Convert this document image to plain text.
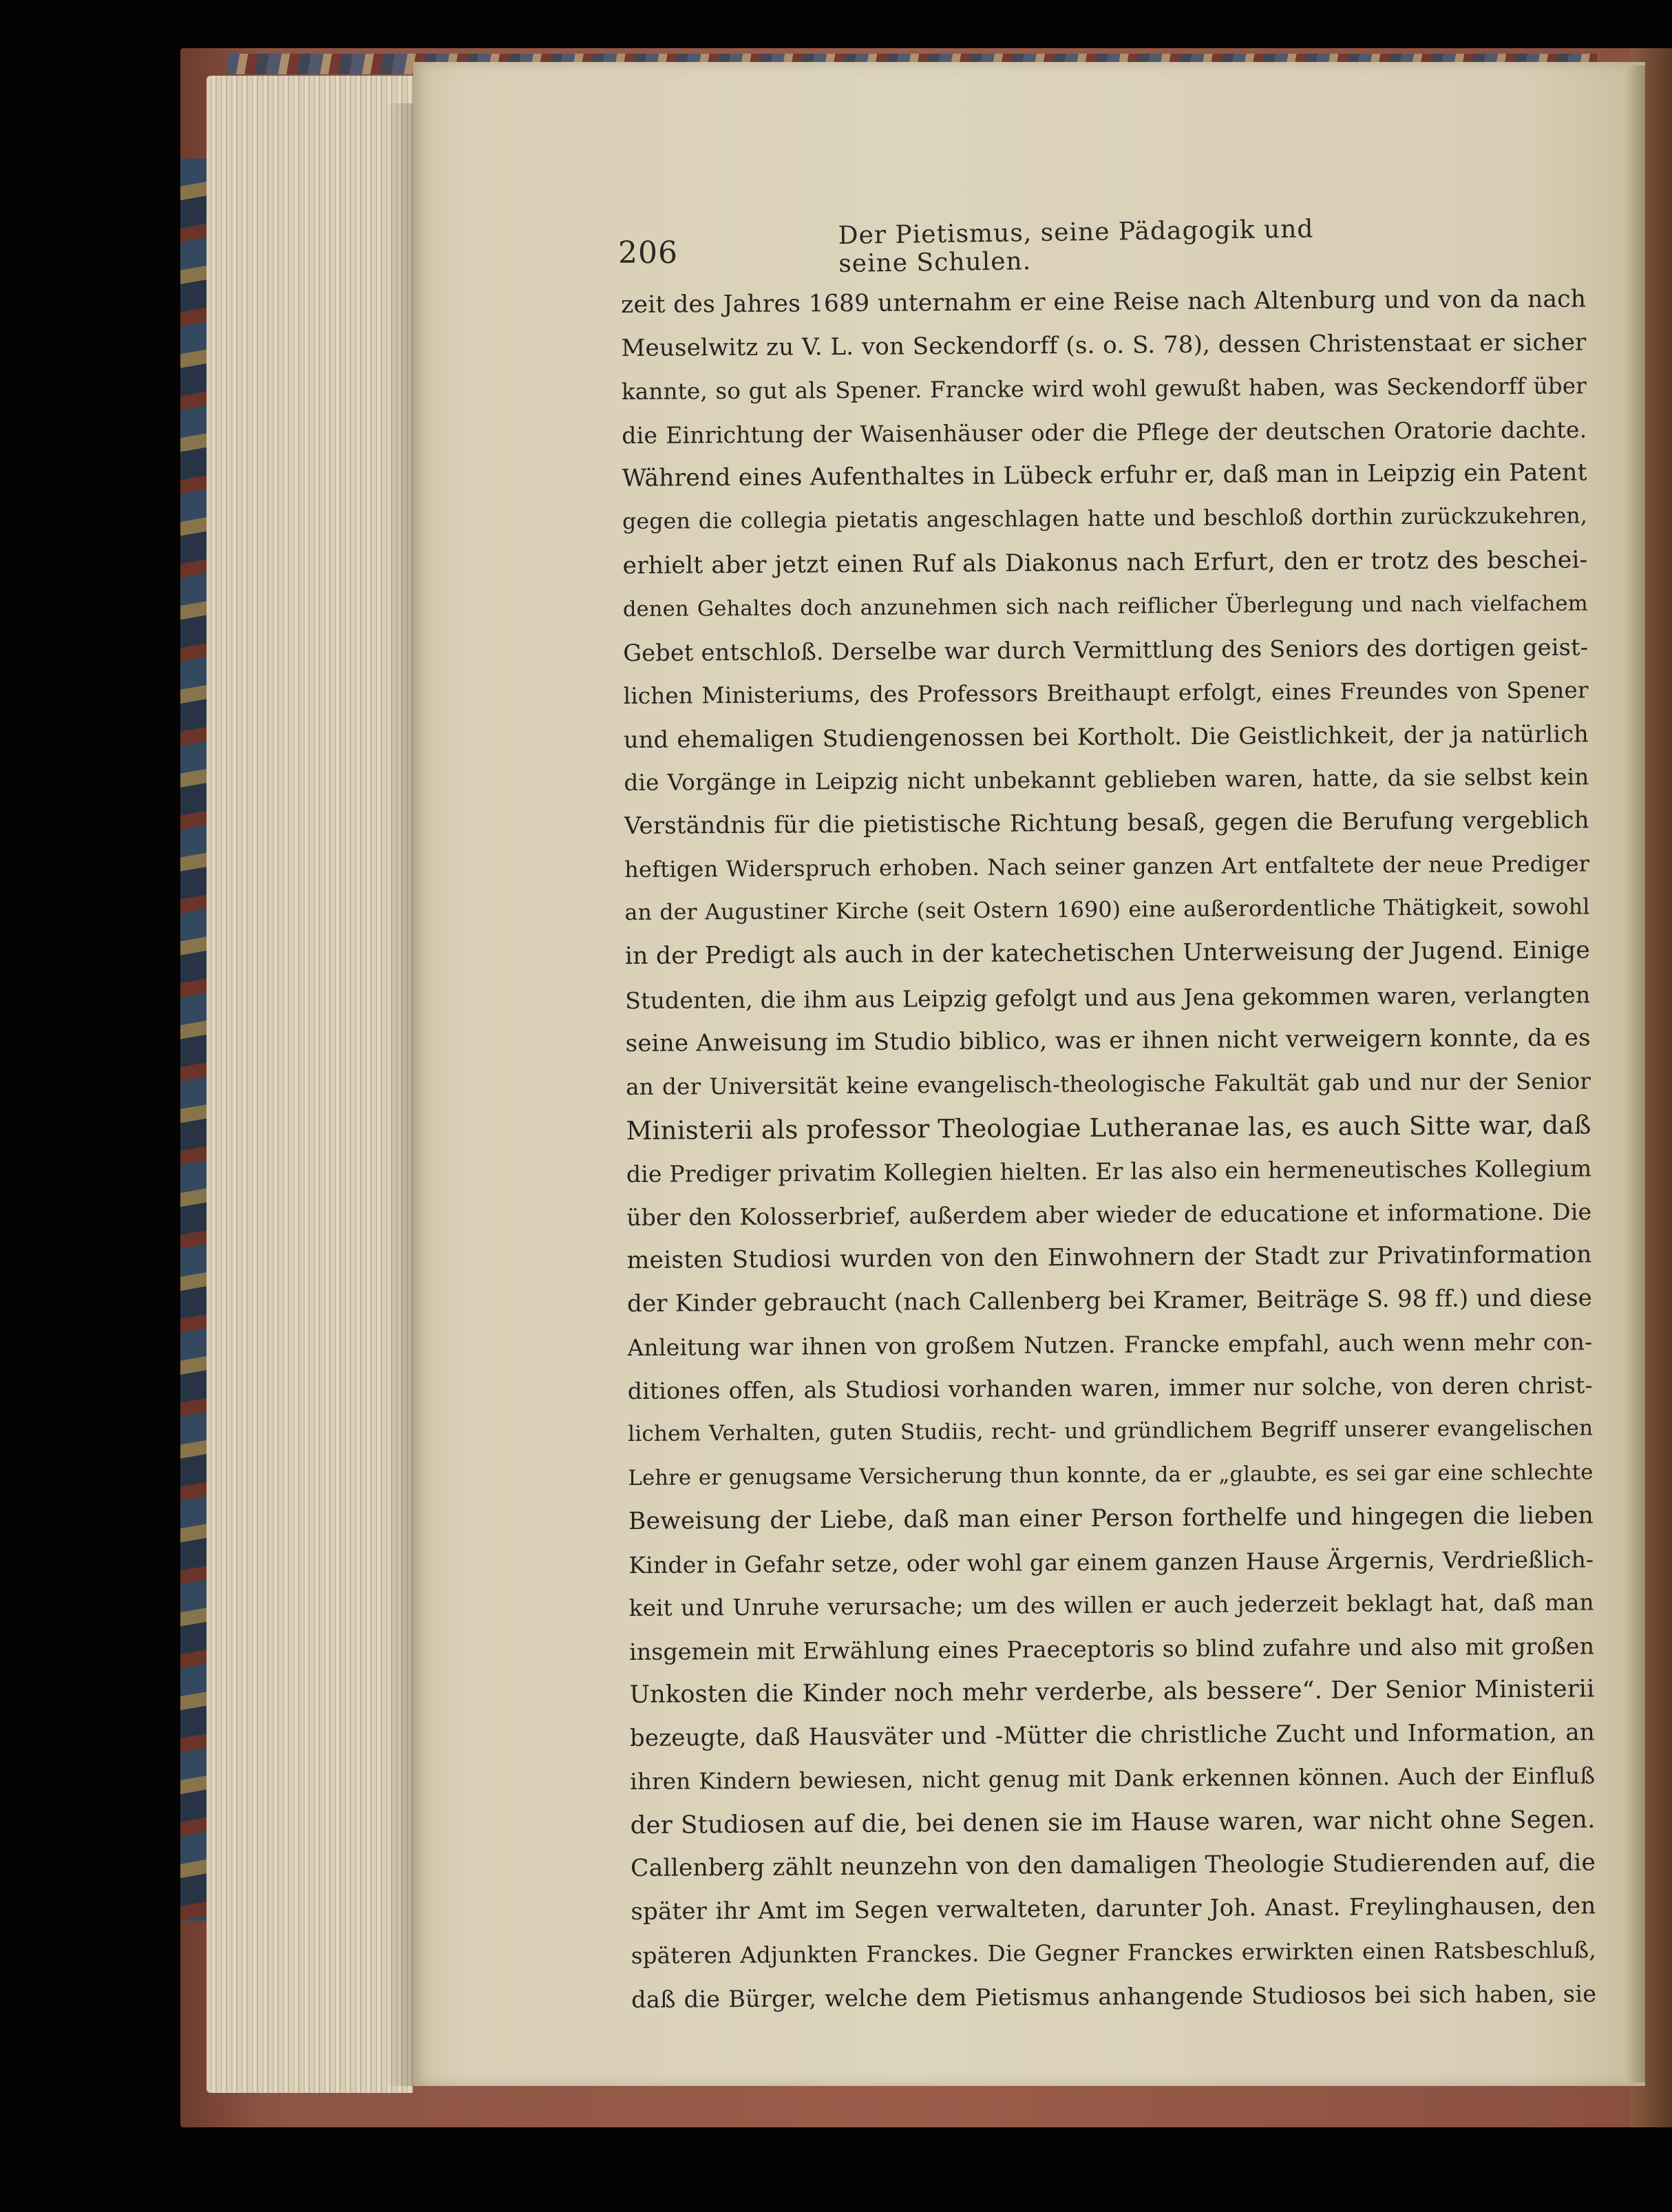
206
Der Pietismus, seine Pädagogik und seine Schulen.
zeit des Jahres 1689 unternahm er eine Reise nach Altenburg und von da nach
Meuselwitz zu V. L. von Seckendorff (s. o. S. 78), dessen Christenstaat er sicher
kannte, so gut als Spener. Francke wird wohl gewußt haben, was Seckendorff über
die Einrichtung der Waisenhäuser oder die Pflege der deutschen Oratorie dachte.
Während eines Aufenthaltes in Lübeck erfuhr er, daß man in Leipzig ein Patent
gegen die collegia pietatis angeschlagen hatte und beschloß dorthin zurückzukehren,
erhielt aber jetzt einen Ruf als Diakonus nach Erfurt, den er trotz des beschei-
denen Gehaltes doch anzunehmen sich nach reiflicher Überlegung und nach vielfachem
Gebet entschloß. Derselbe war durch Vermittlung des Seniors des dortigen geist-
lichen Ministeriums, des Professors Breithaupt erfolgt, eines Freundes von Spener
und ehemaligen Studiengenossen bei Kortholt. Die Geistlichkeit, der ja natürlich
die Vorgänge in Leipzig nicht unbekannt geblieben waren, hatte, da sie selbst kein
Verständnis für die pietistische Richtung besaß, gegen die Berufung vergeblich
heftigen Widerspruch erhoben. Nach seiner ganzen Art entfaltete der neue Prediger
an der Augustiner Kirche (seit Ostern 1690) eine außerordentliche Thätigkeit, sowohl
in der Predigt als auch in der katechetischen Unterweisung der Jugend. Einige
Studenten, die ihm aus Leipzig gefolgt und aus Jena gekommen waren, verlangten
seine Anweisung im Studio biblico, was er ihnen nicht verweigern konnte, da es
an der Universität keine evangelisch-theologische Fakultät gab und nur der Senior
Ministerii als professor Theologiae Lutheranae las, es auch Sitte war, daß
die Prediger privatim Kollegien hielten. Er las also ein hermeneutisches Kollegium
über den Kolosserbrief, außerdem aber wieder de educatione et informatione. Die
meisten Studiosi wurden von den Einwohnern der Stadt zur Privatinformation
der Kinder gebraucht (nach Callenberg bei Kramer, Beiträge S. 98 ff.) und diese
Anleitung war ihnen von großem Nutzen. Francke empfahl, auch wenn mehr con-
ditiones offen, als Studiosi vorhanden waren, immer nur solche, von deren christ-
lichem Verhalten, guten Studiis, recht- und gründlichem Begriff unserer evangelischen
Lehre er genugsame Versicherung thun konnte, da er „glaubte, es sei gar eine schlechte
Beweisung der Liebe, daß man einer Person forthelfe und hingegen die lieben
Kinder in Gefahr setze, oder wohl gar einem ganzen Hause Ärgernis, Verdrießlich-
keit und Unruhe verursache; um des willen er auch jederzeit beklagt hat, daß man
insgemein mit Erwählung eines Praeceptoris so blind zufahre und also mit großen
Unkosten die Kinder noch mehr verderbe, als bessere“. Der Senior Ministerii
bezeugte, daß Hausväter und -Mütter die christliche Zucht und Information, an
ihren Kindern bewiesen, nicht genug mit Dank erkennen können. Auch der Einfluß
der Studiosen auf die, bei denen sie im Hause waren, war nicht ohne Segen.
Callenberg zählt neunzehn von den damaligen Theologie Studierenden auf, die
später ihr Amt im Segen verwalteten, darunter Joh. Anast. Freylinghausen, den
späteren Adjunkten Franckes. Die Gegner Franckes erwirkten einen Ratsbeschluß,
daß die Bürger, welche dem Pietismus anhangende Studiosos bei sich haben, sie
